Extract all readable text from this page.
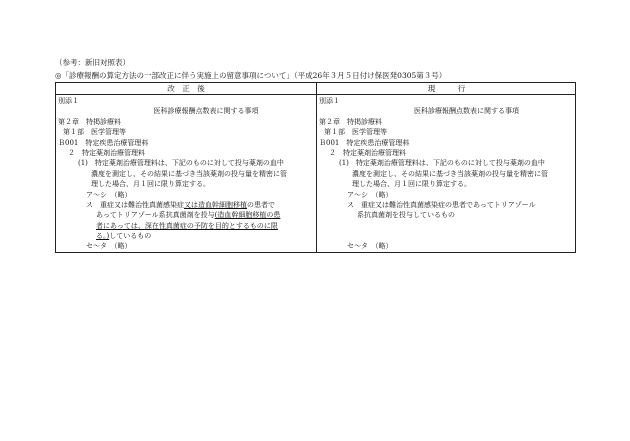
（参考：新旧対照表）
◎「診療報酬の算定方法の一部改正に伴う実施上の留意事項について」（平成26年３月５日付け保医発0305第３号）
改　正　後	現　　　行
別添１
医科診療報酬点数表に関する事項
第２章　特掲診療料
第１部　医学管理等
Ｂ001　特定疾患治療管理料
２　特定薬剤治療管理料
(1)　特定薬剤治療管理料は、下記のものに対して投与薬剤の血中
濃度を測定し、その結果に基づき当該薬剤の投与量を精密に管
理した場合、月１回に限り算定する。
ア～シ　（略）
ス　重症又は難治性真菌感染症又は造血幹細胞移植の患者で
あってトリアゾール系抗真菌剤を投与(造血幹細胞移植の患
者にあっては、深在性真菌症の予防を目的とするものに限
る。)しているもの
セ～タ　（略）
別添１
医科診療報酬点数表に関する事項
第２章　特掲診療料
第１部　医学管理等
Ｂ001　特定疾患治療管理料
２　特定薬剤治療管理料
(1)　特定薬剤治療管理料は、下記のものに対して投与薬剤の血中
濃度を測定し、その結果に基づき当該薬剤の投与量を精密に管
理した場合、月１回に限り算定する。
ア～シ　（略）
ス　重症又は難治性真菌感染症の患者であってトリアゾール
系抗真菌剤を投与しているもの
セ～タ　（略）
